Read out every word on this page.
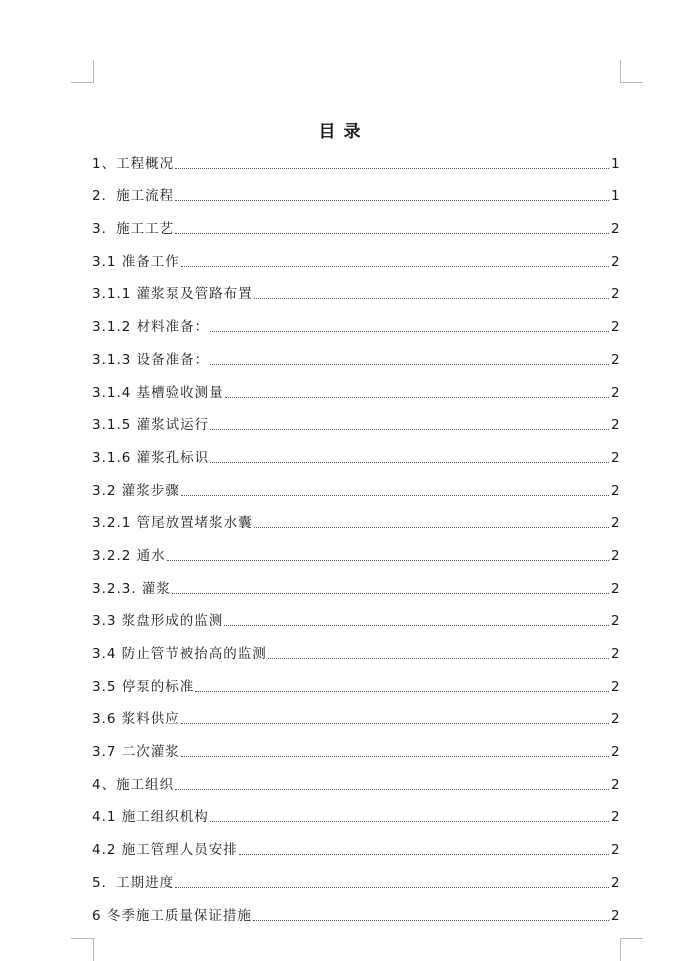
目录
1、工程概况	1
2．施工流程	1
3．施工工艺	2
3.1 准备工作	2
3.1.1 灌浆泵及管路布置	2
3.1.2 材料准备：	2
3.1.3 设备准备：	2
3.1.4 基槽验收测量	2
3.1.5 灌浆试运行	2
3.1.6 灌浆孔标识	2
3.2 灌浆步骤	2
3.2.1 管尾放置堵浆水囊	2
3.2.2 通水	2
3.2.3. 灌浆	2
3.3 浆盘形成的监测	2
3.4 防止管节被抬高的监测	2
3.5 停泵的标准	2
3.6 浆料供应	2
3.7 二次灌浆	2
4、施工组织	2
4.1 施工组织机构	2
4.2 施工管理人员安排	2
5．工期进度	2
6 冬季施工质量保证措施	2
